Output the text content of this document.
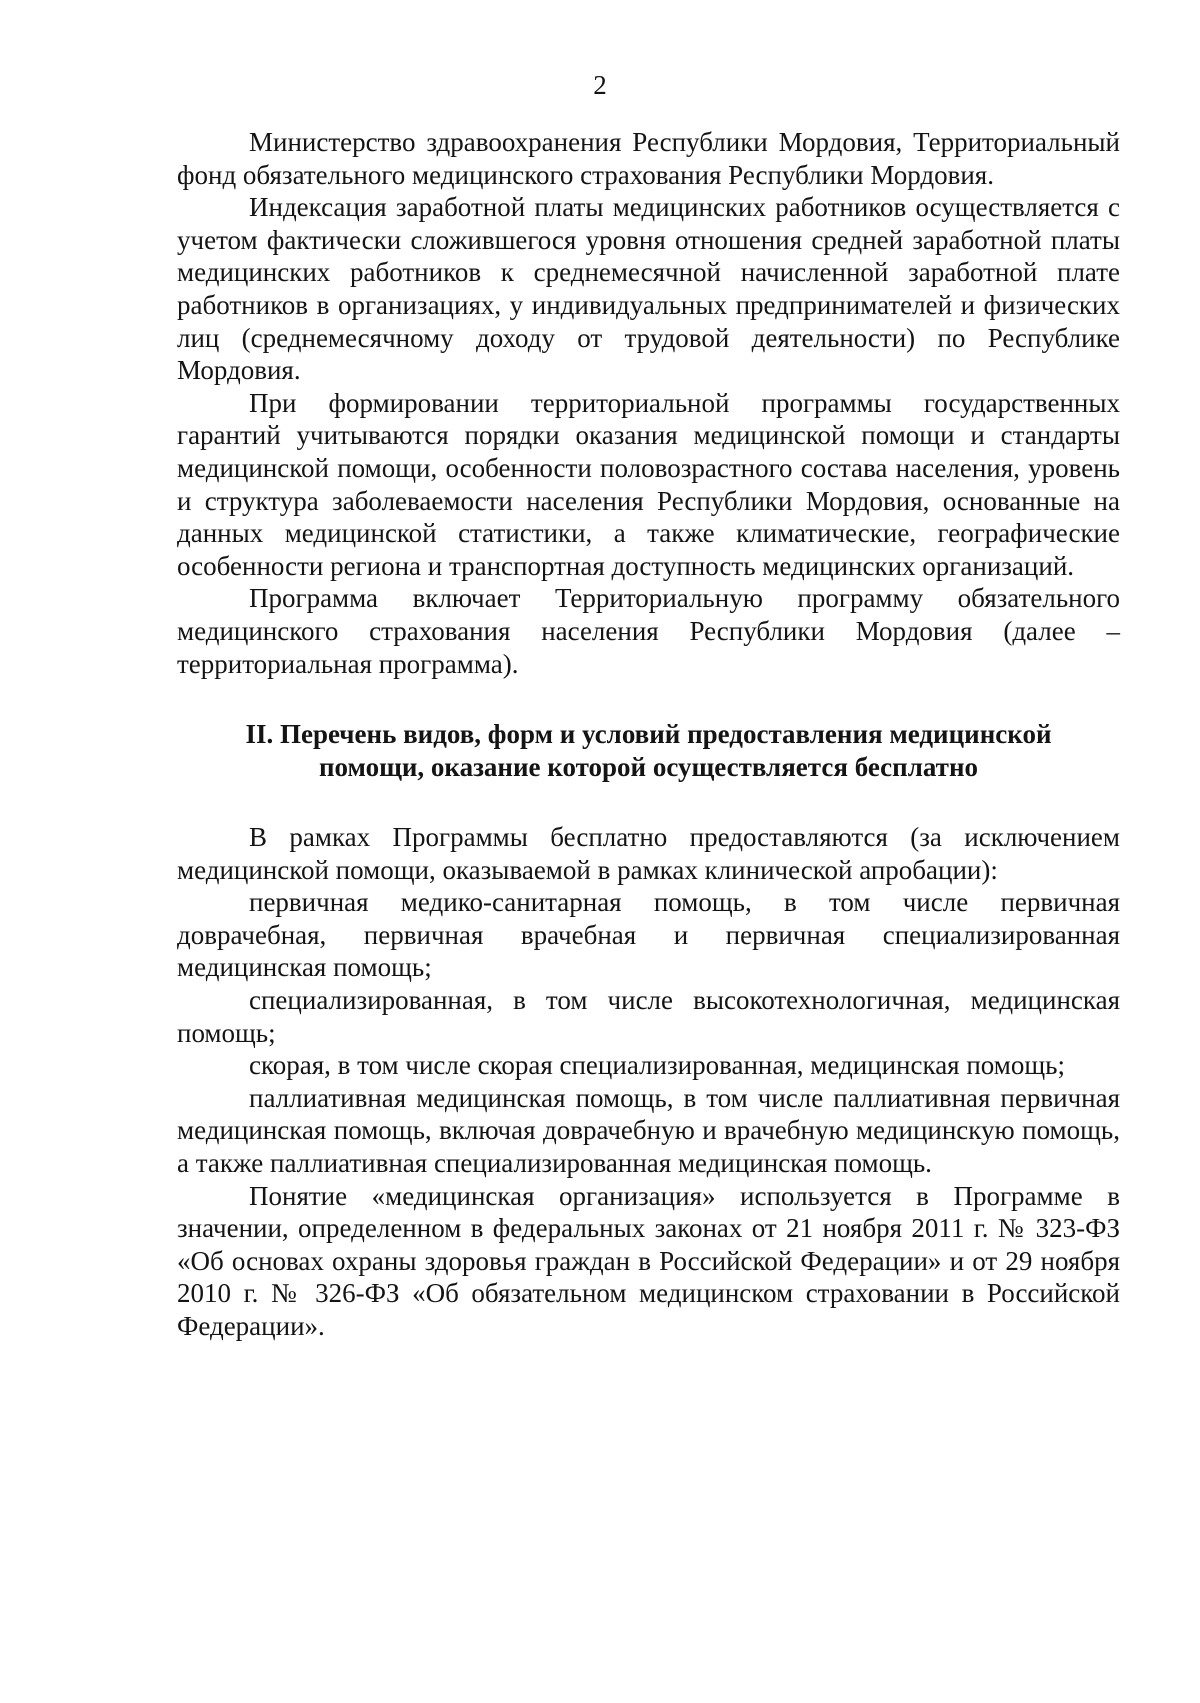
2

Министерство здравоохранения Республики Мордовия, Территориальный фонд обязательного медицинского страхования Республики Мордовия.

Индексация заработной платы медицинских работников осуществляется с учетом фактически сложившегося уровня отношения средней заработной платы медицинских работников к среднемесячной начисленной заработной плате работников в организациях, у индивидуальных предпринимателей и физических лиц (среднемесячному доходу от трудовой деятельности) по Республике Мордовия.

При формировании территориальной программы государственных гарантий учитываются порядки оказания медицинской помощи и стандарты медицинской помощи, особенности половозрастного состава населения, уровень и структура заболеваемости населения Республики Мордовия, основанные на данных медицинской статистики, а также климатические, географические особенности региона и транспортная доступность медицинских организаций.

Программа включает Территориальную программу обязательного медицинского страхования населения Республики Мордовия (далее – территориальная программа).

II. Перечень видов, форм и условий предоставления медицинской
помощи, оказание которой осуществляется бесплатно

В рамках Программы бесплатно предоставляются (за исключением медицинской помощи, оказываемой в рамках клинической апробации):

первичная медико-санитарная помощь, в том числе первичная доврачебная, первичная врачебная и первичная специализированная медицинская помощь;

специализированная, в том числе высокотехнологичная, медицинская помощь;

скорая, в том числе скорая специализированная, медицинская помощь;

паллиативная медицинская помощь, в том числе паллиативная первичная медицинская помощь, включая доврачебную и врачебную медицинскую помощь, а также паллиативная специализированная медицинская помощь.

Понятие «медицинская организация» используется в Программе в значении, определенном в федеральных законах от 21 ноября 2011 г. № 323-ФЗ «Об основах охраны здоровья граждан в Российской Федерации» и от 29 ноября 2010 г. № 326-ФЗ «Об обязательном медицинском страховании в Российской Федерации».
